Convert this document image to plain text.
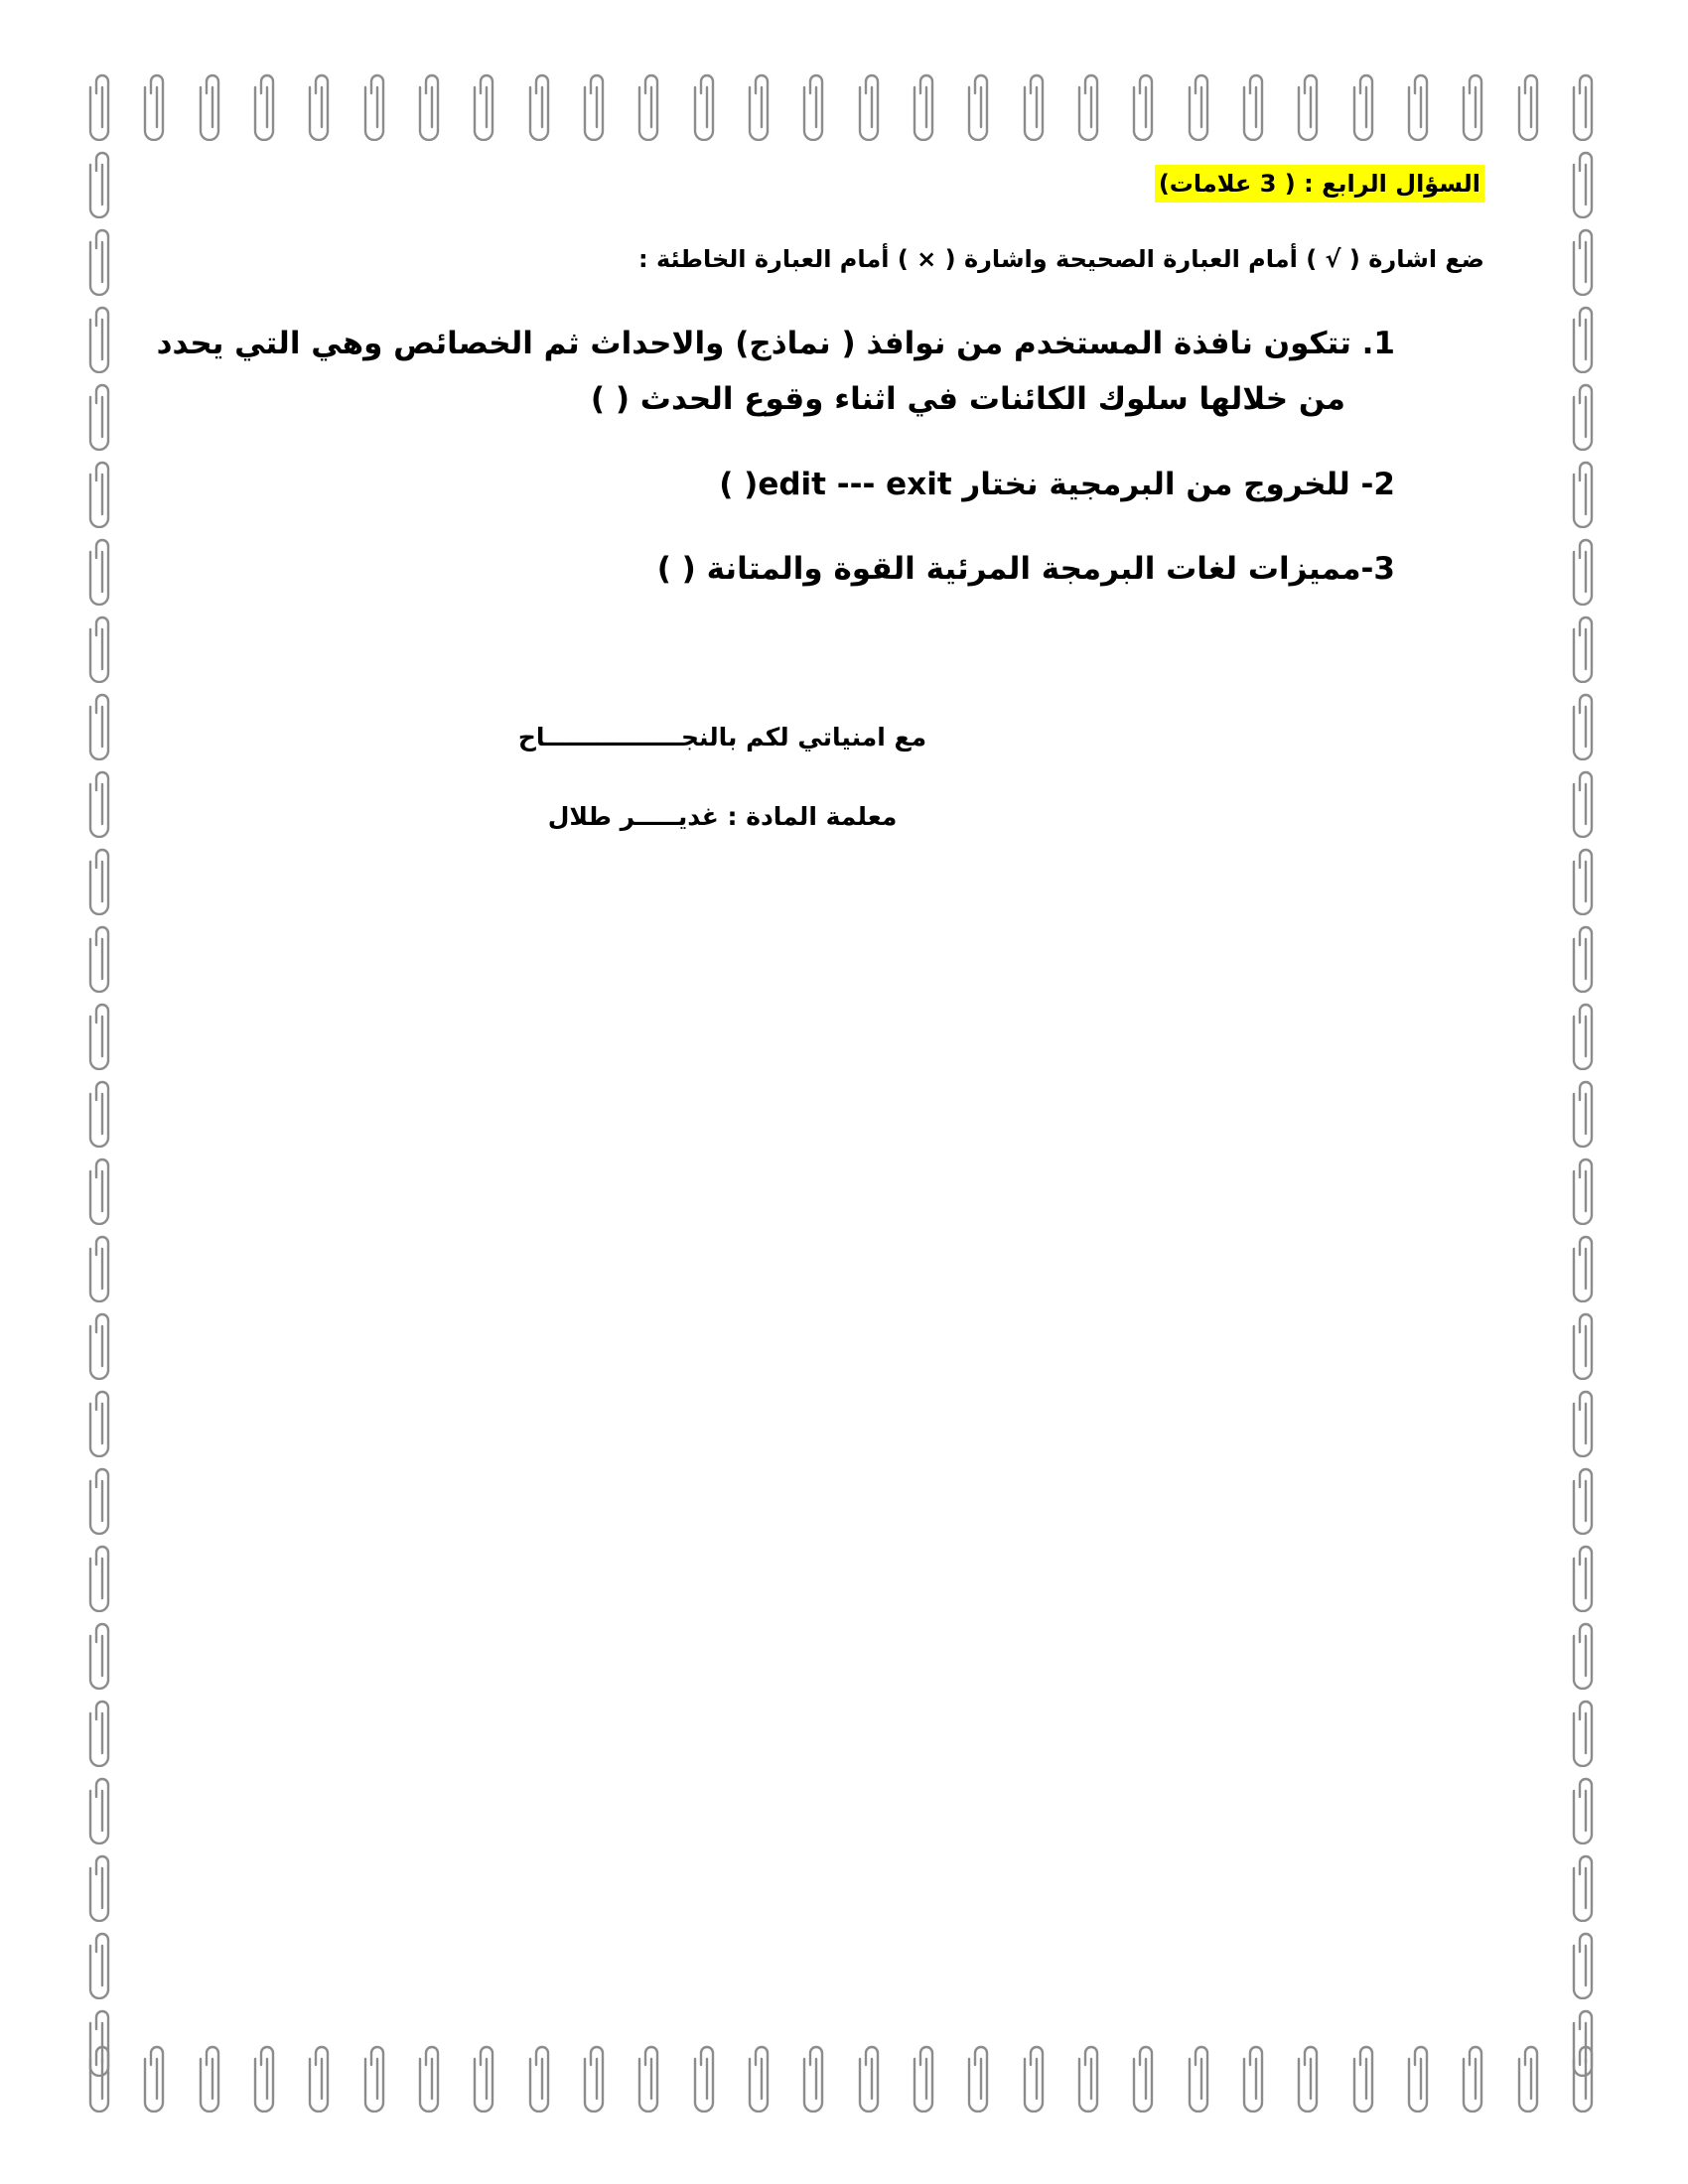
السؤال الرابع : ( 3 علامات)
ضع اشارة ( √ ) أمام العبارة الصحيحة واشارة ( × ) أمام العبارة الخاطئة :
1. تتكون نافذة المستخدم من نوافذ ( نماذج) والاحداث ثم الخصائص وهي التي يحدد
من خلالها سلوك الكائنات في اثناء وقوع الحدث ( )
2- للخروج من البرمجية نختار edit --- exit( )
3-مميزات لغات البرمجة المرئية القوة والمتانة ( )
مع امنياتي لكم بالنجــــــــــــــــاح
معلمة المادة : غديـــــر طلال
